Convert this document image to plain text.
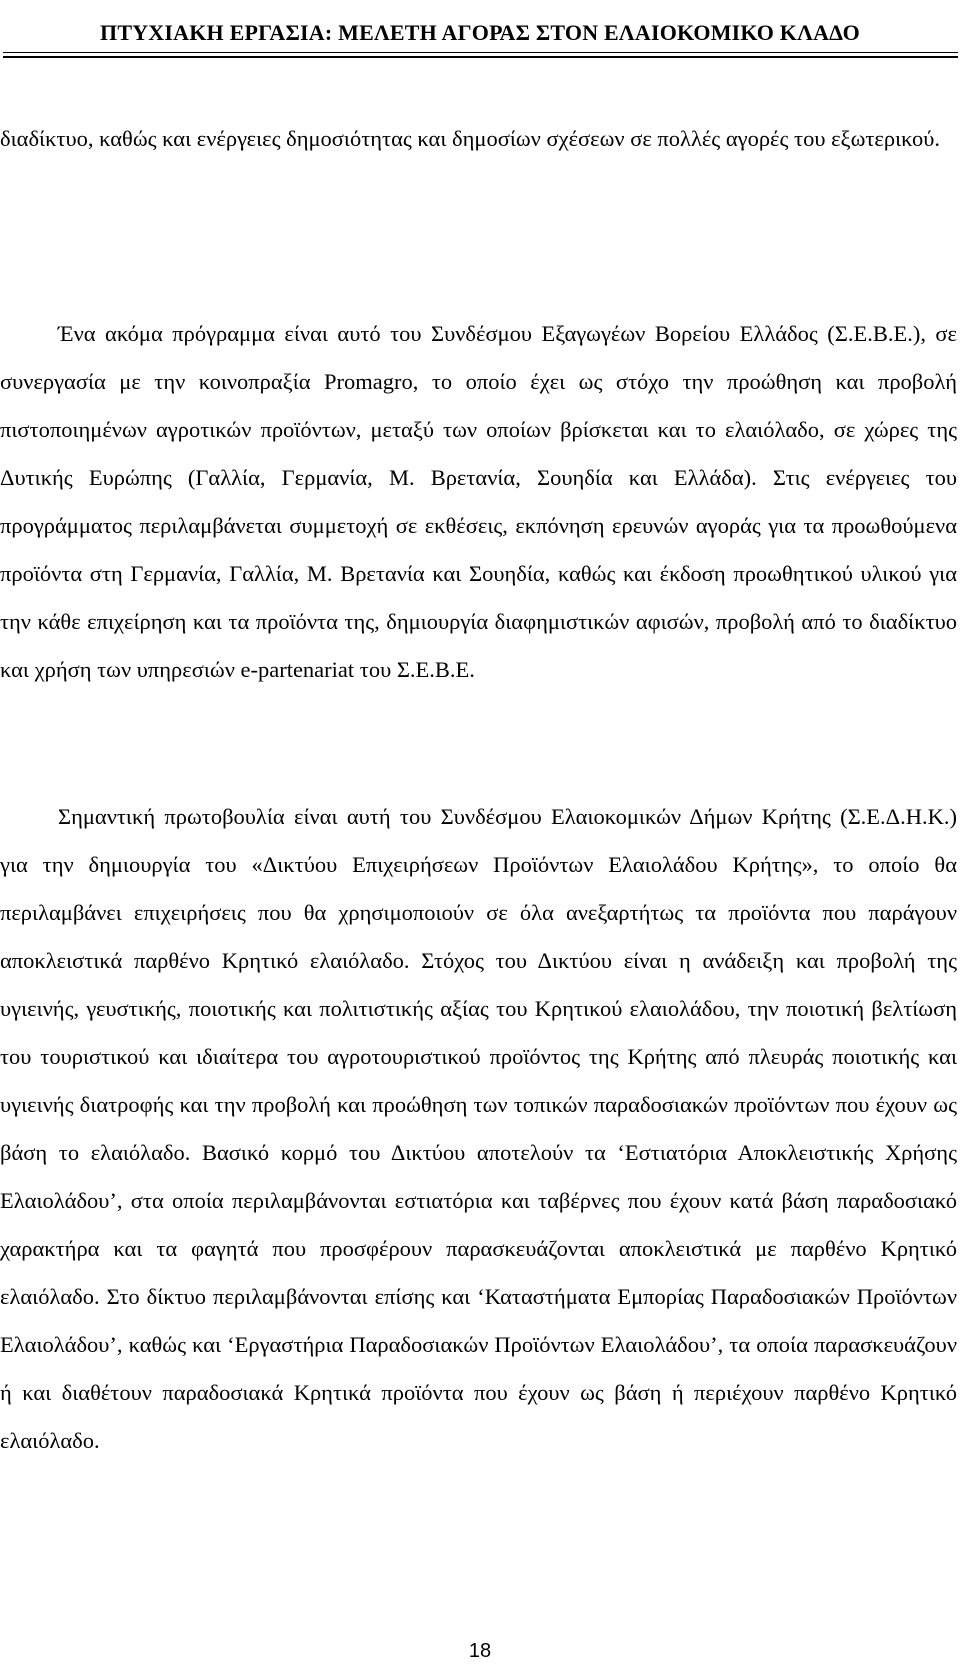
ΠΤΥΧΙΑΚΗ ΕΡΓΑΣΙΑ: ΜΕΛΕΤΗ ΑΓΟΡΑΣ ΣΤΟΝ ΕΛΑΙΟΚΟΜΙΚΟ ΚΛΑΔΟ

διαδίκτυο, καθώς και ενέργειες δημοσιότητας και δημοσίων σχέσεων σε πολλές αγορές του εξωτερικού.

Ένα ακόμα πρόγραμμα είναι αυτό του Συνδέσμου Εξαγωγέων Βορείου Ελλάδος (Σ.Ε.Β.Ε.), σε συνεργασία με την κοινοπραξία Promagro, το οποίο έχει ως στόχο την προώθηση και προβολή πιστοποιημένων αγροτικών προϊόντων, μεταξύ των οποίων βρίσκεται και το ελαιόλαδο, σε χώρες της Δυτικής Ευρώπης (Γαλλία, Γερμανία, Μ. Βρετανία, Σουηδία και Ελλάδα). Στις ενέργειες του προγράμματος περιλαμβάνεται συμμετοχή σε εκθέσεις, εκπόνηση ερευνών αγοράς για τα προωθούμενα προϊόντα στη Γερμανία, Γαλλία, Μ. Βρετανία και Σουηδία, καθώς και έκδοση προωθητικού υλικού για την κάθε επιχείρηση και τα προϊόντα της, δημιουργία διαφημιστικών αφισών, προβολή από το διαδίκτυο και χρήση των υπηρεσιών e-partenariat του Σ.Ε.Β.Ε.

Σημαντική πρωτοβουλία είναι αυτή του Συνδέσμου Ελαιοκομικών Δήμων Κρήτης (Σ.Ε.Δ.Η.Κ.) για την δημιουργία του «Δικτύου Επιχειρήσεων Προϊόντων Ελαιολάδου Κρήτης», το οποίο θα περιλαμβάνει επιχειρήσεις που θα χρησιμοποιούν σε όλα ανεξαρτήτως τα προϊόντα που παράγουν αποκλειστικά παρθένο Κρητικό ελαιόλαδο. Στόχος του Δικτύου είναι η ανάδειξη και προβολή της υγιεινής, γευστικής, ποιοτικής και πολιτιστικής αξίας του Κρητικού ελαιολάδου, την ποιοτική βελτίωση του τουριστικού και ιδιαίτερα του αγροτουριστικού προϊόντος της Κρήτης από πλευράς ποιοτικής και υγιεινής διατροφής και την προβολή και προώθηση των τοπικών παραδοσιακών προϊόντων που έχουν ως βάση το ελαιόλαδο. Βασικό κορμό του Δικτύου αποτελούν τα ‘Εστιατόρια Αποκλειστικής Χρήσης Ελαιολάδου’, στα οποία περιλαμβάνονται εστιατόρια και ταβέρνες που έχουν κατά βάση παραδοσιακό χαρακτήρα και τα φαγητά που προσφέρουν παρασκευάζονται αποκλειστικά με παρθένο Κρητικό ελαιόλαδο. Στο δίκτυο περιλαμβάνονται επίσης και ‘Καταστήματα Εμπορίας Παραδοσιακών Προϊόντων Ελαιολάδου’, καθώς και ‘Εργαστήρια Παραδοσιακών Προϊόντων Ελαιολάδου’, τα οποία παρασκευάζουν ή και διαθέτουν παραδοσιακά Κρητικά προϊόντα που έχουν ως βάση ή περιέχουν παρθένο Κρητικό ελαιόλαδο.

18
